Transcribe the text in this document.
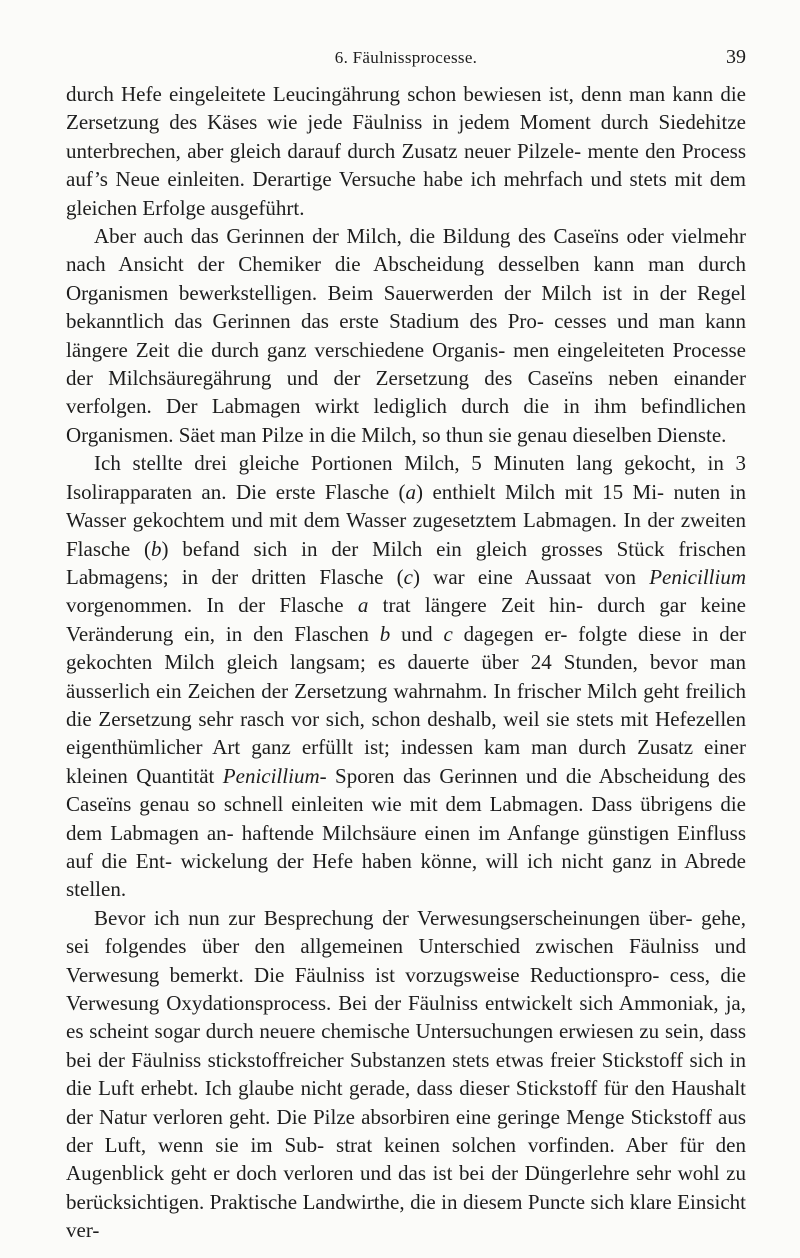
6. Fäulnissprocesse.	39

durch Hefe eingeleitete Leucingährung schon bewiesen ist, denn man kann die Zersetzung des Käses wie jede Fäulniss in jedem Moment durch Siedehitze unterbrechen, aber gleich darauf durch Zusatz neuer Pilzele- mente den Process auf’s Neue einleiten. Derartige Versuche habe ich mehrfach und stets mit dem gleichen Erfolge ausgeführt.

Aber auch das Gerinnen der Milch, die Bildung des Caseïns oder vielmehr nach Ansicht der Chemiker die Abscheidung desselben kann man durch Organismen bewerkstelligen. Beim Sauerwerden der Milch ist in der Regel bekanntlich das Gerinnen das erste Stadium des Pro- cesses und man kann längere Zeit die durch ganz verschiedene Organis- men eingeleiteten Processe der Milchsäuregährung und der Zersetzung des Caseïns neben einander verfolgen. Der Labmagen wirkt lediglich durch die in ihm befindlichen Organismen. Säet man Pilze in die Milch, so thun sie genau dieselben Dienste.

Ich stellte drei gleiche Portionen Milch, 5 Minuten lang gekocht, in 3 Isolirapparaten an. Die erste Flasche (a) enthielt Milch mit 15 Mi- nuten in Wasser gekochtem und mit dem Wasser zugesetztem Labmagen. In der zweiten Flasche (b) befand sich in der Milch ein gleich grosses Stück frischen Labmagens; in der dritten Flasche (c) war eine Aussaat von Penicillium vorgenommen. In der Flasche a trat längere Zeit hin- durch gar keine Veränderung ein, in den Flaschen b und c dagegen er- folgte diese in der gekochten Milch gleich langsam; es dauerte über 24 Stunden, bevor man äusserlich ein Zeichen der Zersetzung wahrnahm. In frischer Milch geht freilich die Zersetzung sehr rasch vor sich, schon deshalb, weil sie stets mit Hefezellen eigenthümlicher Art ganz erfüllt ist; indessen kam man durch Zusatz einer kleinen Quantität Penicillium- Sporen das Gerinnen und die Abscheidung des Caseïns genau so schnell einleiten wie mit dem Labmagen. Dass übrigens die dem Labmagen an- haftende Milchsäure einen im Anfange günstigen Einfluss auf die Ent- wickelung der Hefe haben könne, will ich nicht ganz in Abrede stellen.

Bevor ich nun zur Besprechung der Verwesungserscheinungen über- gehe, sei folgendes über den allgemeinen Unterschied zwischen Fäulniss und Verwesung bemerkt. Die Fäulniss ist vorzugsweise Reductionspro- cess, die Verwesung Oxydationsprocess. Bei der Fäulniss entwickelt sich Ammoniak, ja, es scheint sogar durch neuere chemische Untersuchungen erwiesen zu sein, dass bei der Fäulniss stickstoffreicher Substanzen stets etwas freier Stickstoff sich in die Luft erhebt. Ich glaube nicht gerade, dass dieser Stickstoff für den Haushalt der Natur verloren geht. Die Pilze absorbiren eine geringe Menge Stickstoff aus der Luft, wenn sie im Sub- strat keinen solchen vorfinden. Aber für den Augenblick geht er doch verloren und das ist bei der Düngerlehre sehr wohl zu berücksichtigen. Praktische Landwirthe, die in diesem Puncte sich klare Einsicht ver-
